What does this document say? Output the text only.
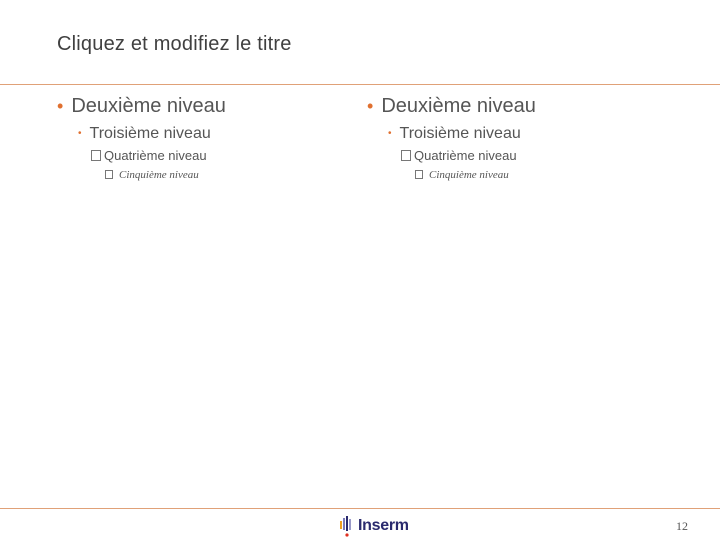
Cliquez et modifiez le titre
• Deuxième niveau
• Troisième niveau
Quatrième niveau
Cinquième niveau
• Deuxième niveau
• Troisième niveau
Quatrième niveau
Cinquième niveau
Inserm	12
